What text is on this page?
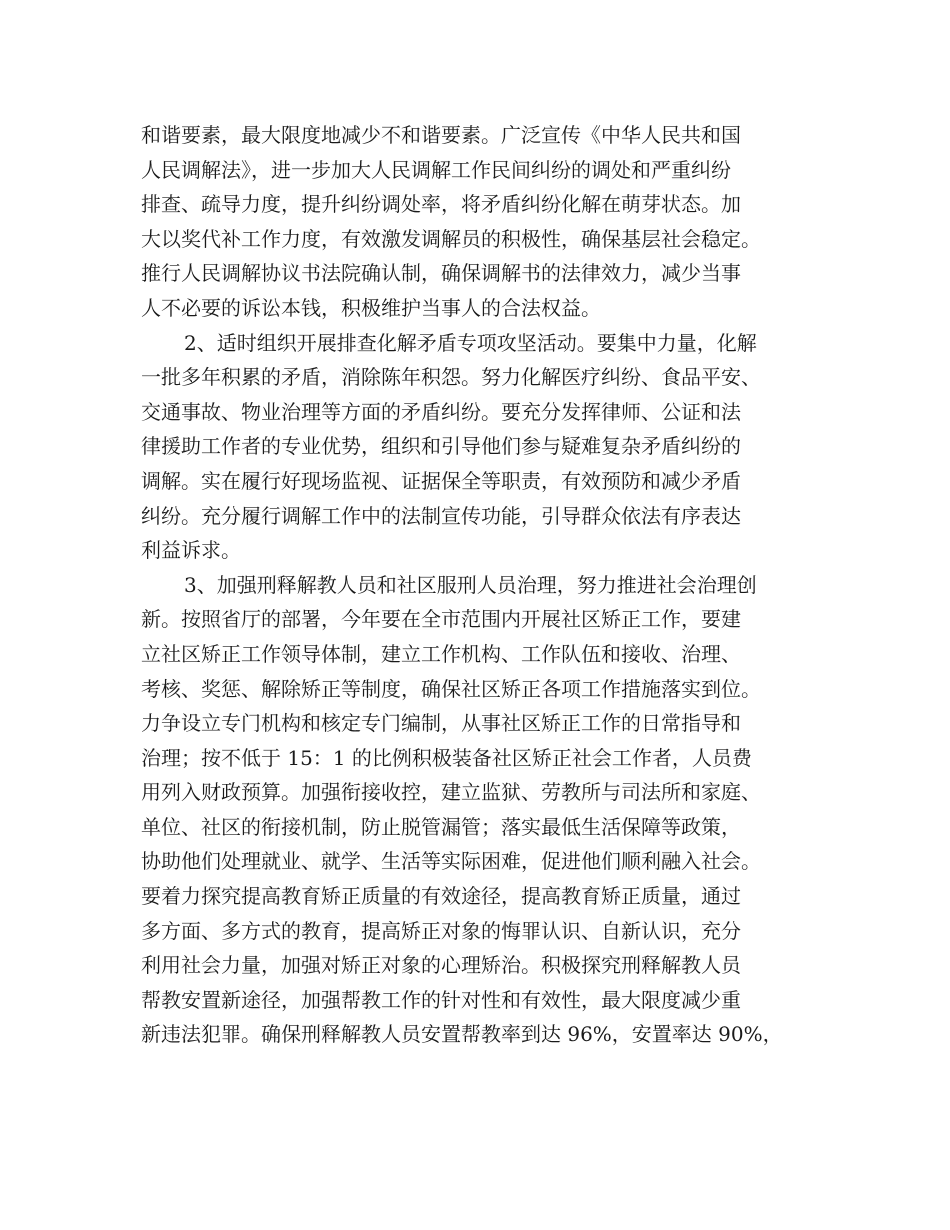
和谐要素，最大限度地减少不和谐要素。广泛宣传《中华人民共和国
人民调解法》，进一步加大人民调解工作民间纠纷的调处和严重纠纷
排查、疏导力度，提升纠纷调处率，将矛盾纠纷化解在萌芽状态。加
大以奖代补工作力度，有效激发调解员的积极性，确保基层社会稳定。
推行人民调解协议书法院确认制，确保调解书的法律效力，减少当事
人不必要的诉讼本钱，积极维护当事人的合法权益。
2、适时组织开展排查化解矛盾专项攻坚活动。要集中力量，化解
一批多年积累的矛盾，消除陈年积怨。努力化解医疗纠纷、食品平安、
交通事故、物业治理等方面的矛盾纠纷。要充分发挥律师、公证和法
律援助工作者的专业优势，组织和引导他们参与疑难复杂矛盾纠纷的
调解。实在履行好现场监视、证据保全等职责，有效预防和减少矛盾
纠纷。充分履行调解工作中的法制宣传功能，引导群众依法有序表达
利益诉求。
3、加强刑释解教人员和社区服刑人员治理，努力推进社会治理创
新。按照省厅的部署，今年要在全市范围内开展社区矫正工作，要建
立社区矫正工作领导体制，建立工作机构、工作队伍和接收、治理、
考核、奖惩、解除矫正等制度，确保社区矫正各项工作措施落实到位。
力争设立专门机构和核定专门编制，从事社区矫正工作的日常指导和
治理；按不低于 15：1 的比例积极装备社区矫正社会工作者，人员费
用列入财政预算。加强衔接收控，建立监狱、劳教所与司法所和家庭、
单位、社区的衔接机制，防止脱管漏管；落实最低生活保障等政策，
协助他们处理就业、就学、生活等实际困难，促进他们顺利融入社会。
要着力探究提高教育矫正质量的有效途径，提高教育矫正质量，通过
多方面、多方式的教育，提高矫正对象的悔罪认识、自新认识，充分
利用社会力量，加强对矫正对象的心理矫治。积极探究刑释解教人员
帮教安置新途径，加强帮教工作的针对性和有效性，最大限度减少重
新违法犯罪。确保刑释解教人员安置帮教率到达 96%，安置率达 90%，
